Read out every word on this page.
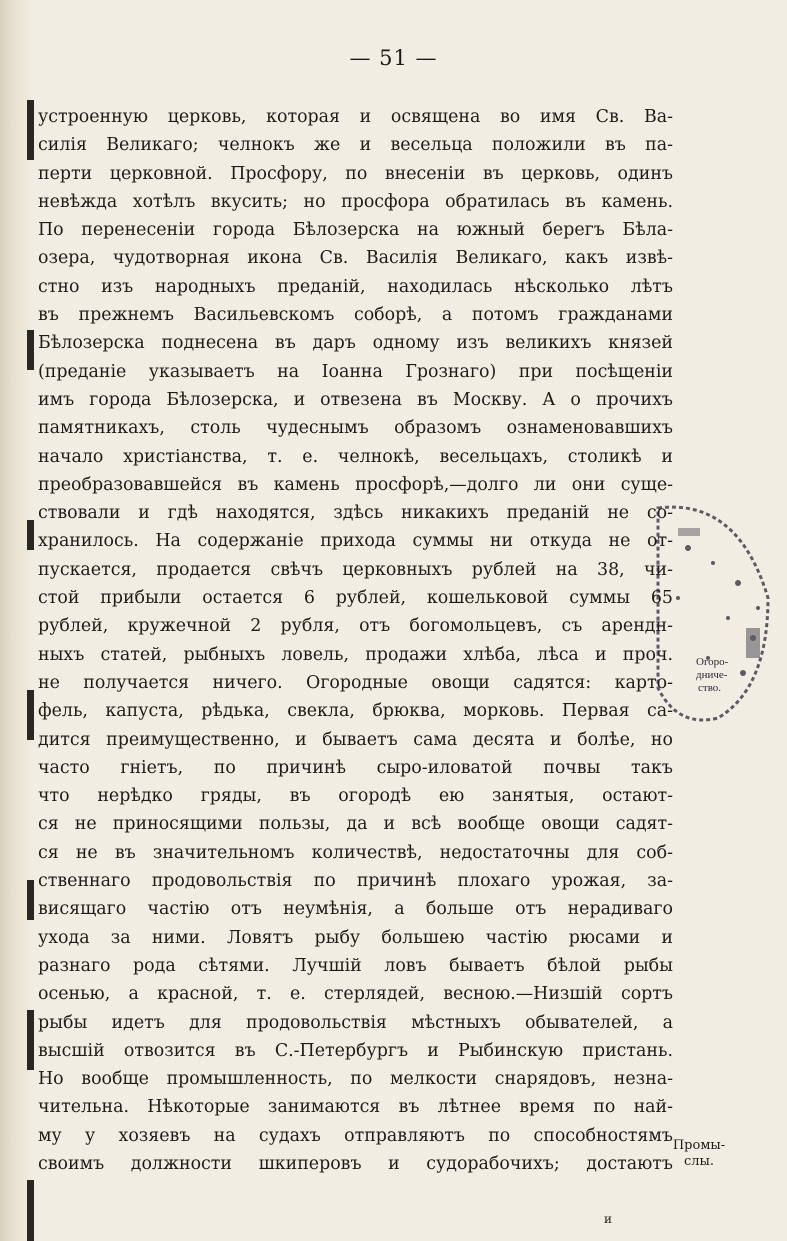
— 51 —
устроенную церковь, которая и освящена во имя Св. Ва-
силія Великаго; челнокъ же и весельца положили въ па-
перти церковной. Просфору, по внесеніи въ церковь, одинъ
невѣжда хотѣлъ вкусить; но просфора обратилась въ камень.
По перенесеніи города Бѣлозерска на южный берегъ Бѣла-
озера, чудотворная икона Св. Василія Великаго, какъ извѣ-
стно изъ народныхъ преданій, находилась нѣсколько лѣтъ
въ прежнемъ Васильевскомъ соборѣ, а потомъ гражданами
Бѣлозерска поднесена въ даръ одному изъ великихъ князей
(преданіе указываетъ на Іоанна Грознаго) при посѣщеніи
имъ города Бѣлозерска, и отвезена въ Москву. А о прочихъ
памятникахъ, столь чудеснымъ образомъ ознаменовавшихъ
начало христіанства, т. е. челнокѣ, весельцахъ, столикѣ и
преобразовавшейся въ камень просфорѣ,—долго ли они суще-
ствовали и гдѣ находятся, здѣсь никакихъ преданій не со-
хранилось. На содержаніе прихода суммы ни откуда не от-
пускается, продается свѣчъ церковныхъ рублей на 38, чи-
стой прибыли остается 6 рублей, кошельковой суммы 65
рублей, кружечной 2 рубля, отъ богомольцевъ, съ арендн-
ныхъ статей, рыбныхъ ловель, продажи хлѣба, лѣса и проч.
не получается ничего. Огородные овощи садятся: карто-
фель, капуста, рѣдька, свекла, брюква, морковь. Первая са-
дится преимущественно, и бываетъ сама десята и болѣе, но
часто гніетъ, по причинѣ сыро-иловатой почвы такъ
что нерѣдко гряды, въ огородѣ ею занятыя, остают-
ся не приносящими пользы, да и всѣ вообще овощи садят-
ся не въ значительномъ количествѣ, недостаточны для соб-
ственнаго продовольствія по причинѣ плохаго урожая, за-
висящаго частію отъ неумѣнія, а больше отъ нерадиваго
ухода за ними. Ловятъ рыбу большею частію рюсами и
разнаго рода сѣтями. Лучшій ловъ бываетъ бѣлой рыбы
осенью, а красной, т. е. стерлядей, весною.—Низшій сортъ
рыбы идетъ для продовольствія мѣстныхъ обывателей, а
высшій отвозится въ С.-Петербургъ и Рыбинскую пристань.
Но вообще промышленность, по мелкости снарядовъ, незна-
чительна. Нѣкоторые занимаются въ лѣтнее время по най-
му у хозяевъ на судахъ отправляютъ по способностямъ
своимъ должности шкиперовъ и судорабочихъ; достаютъ
Огоро-
дниче-
ство.
Промы-
слы.
и
